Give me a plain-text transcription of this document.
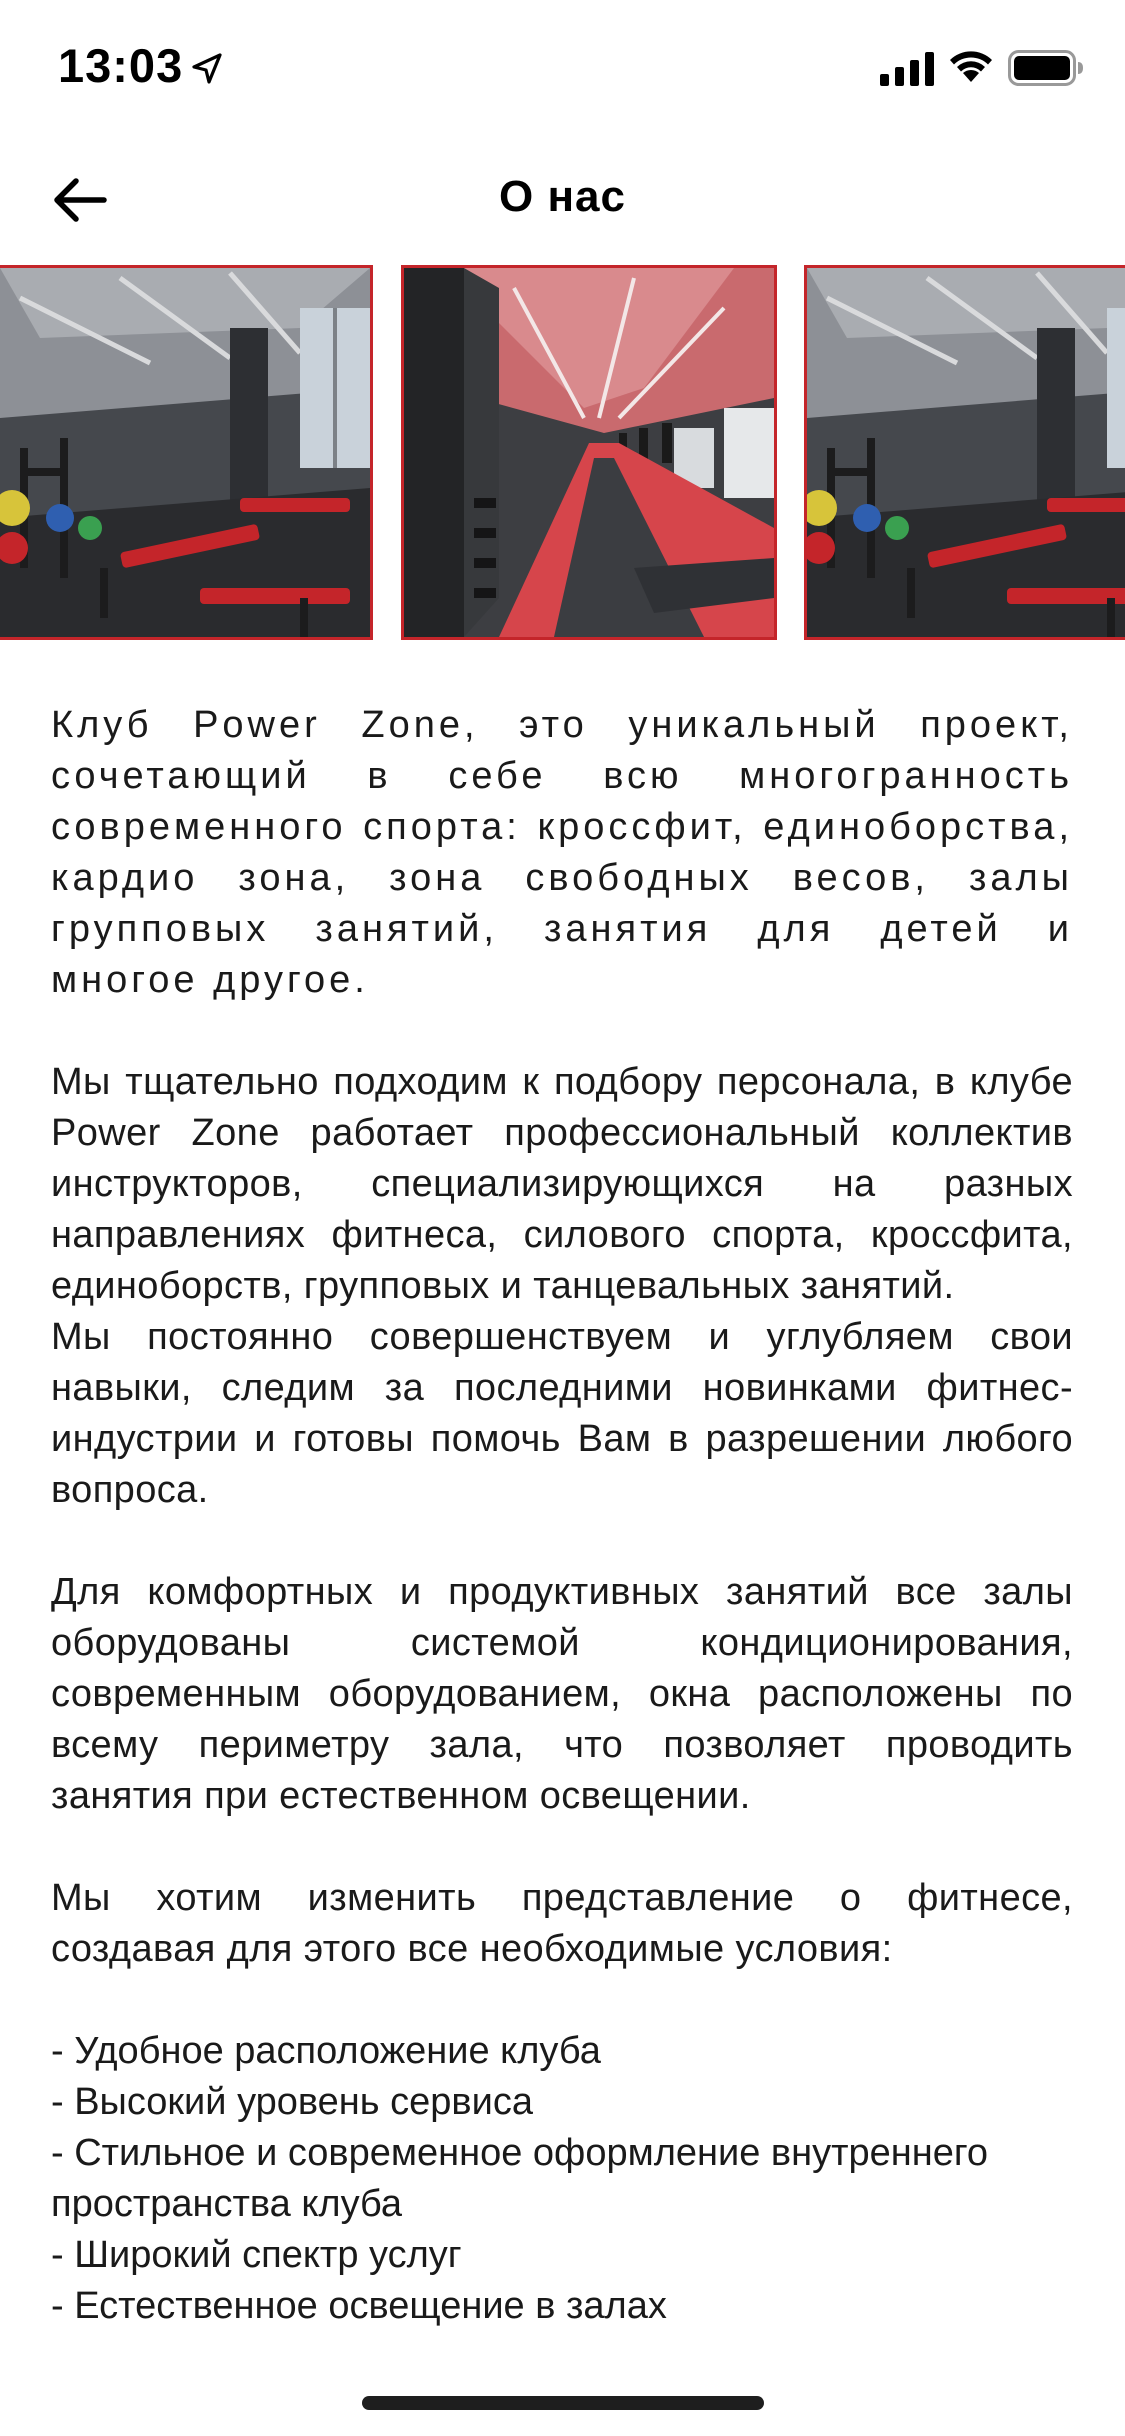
13:03
О нас

Клуб Power Zone, это уникальный проект, сочетающий в себе всю многогранность современного спорта: кроссфит, единоборства, кардио зона, зона свободных весов, залы групповых занятий, занятия для детей и многое другое.

Мы тщательно подходим к подбору персонала, в клубе Power Zone работает профессиональный коллектив инструкторов, специализирующихся на разных направлениях фитнеса, силового спорта, кроссфита, единоборств, групповых и танцевальных занятий.

Мы постоянно совершенствуем и углубляем свои навыки, следим за последними новинками фитнес-индустрии и готовы помочь Вам в разрешении любого вопроса.

Для комфортных и продуктивных занятий все залы оборудованы системой кондиционирования, современным оборудованием, окна расположены по всему периметру зала, что позволяет проводить занятия при естественном освещении.

Мы хотим изменить представление о фитнесе, создавая для этого все необходимые условия:

- Удобное расположение клуба
- Высокий уровень сервиса
- Стильное и современное оформление внутреннего пространства клуба
- Широкий спектр услуг
- Естественное освещение в залах
